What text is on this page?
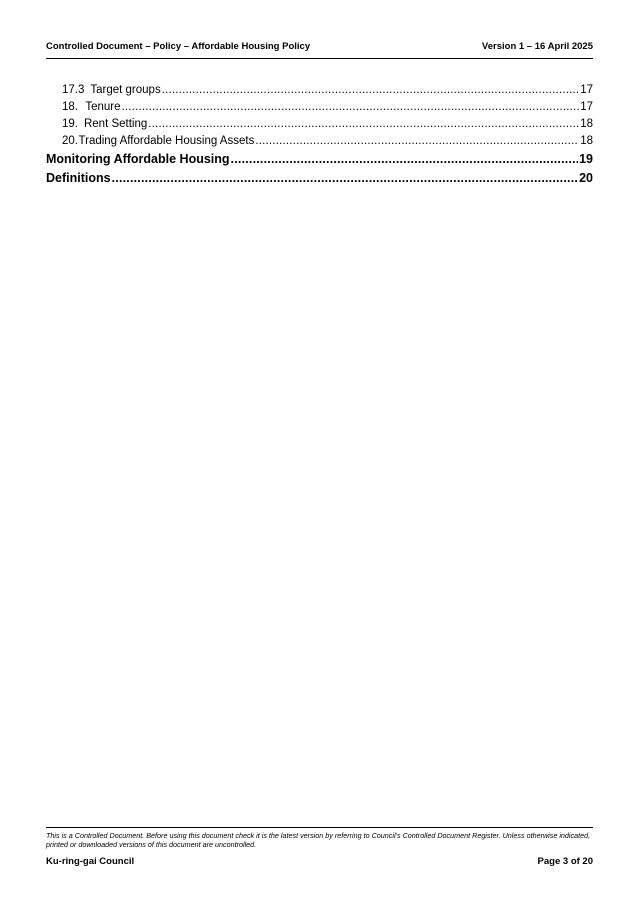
Controlled Document – Policy – Affordable Housing Policy	Version 1 – 16 April 2025
17.3 Target groups .....	17
18. Tenure .....	17
19. Rent Setting .....	18
20. Trading Affordable Housing Assets .....	18
Monitoring Affordable Housing .....	19
Definitions .....	20
This is a Controlled Document. Before using this document check it is the latest version by referring to Council’s Controlled Document Register. Unless otherwise indicated, printed or downloaded versions of this document are uncontrolled.
Ku-ring-gai Council	Page 3 of 20
